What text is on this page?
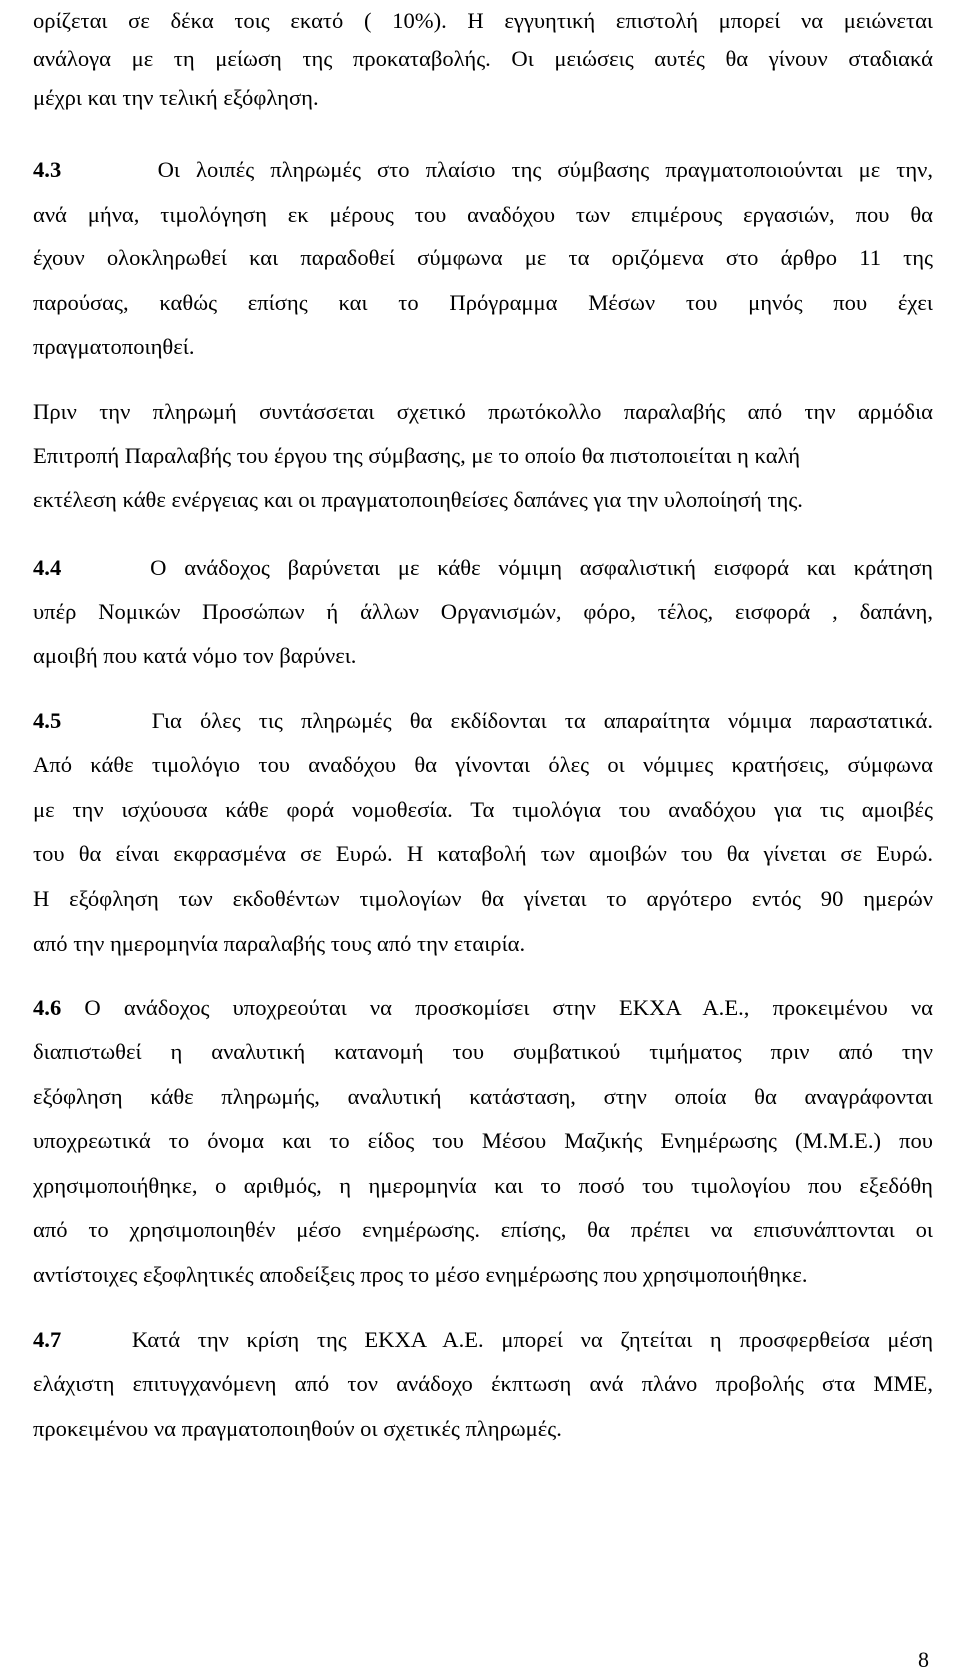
ορίζεται σε δέκα τοις εκατό ( 10%). Η εγγυητική επιστολή μπορεί να μειώνεται
ανάλογα με τη μείωση της προκαταβολής. Οι μειώσεις αυτές θα γίνουν σταδιακά
μέχρι και την τελική εξόφληση.
4.3	Οι λοιπές πληρωμές στο πλαίσιο της σύμβασης πραγματοποιούνται με την,
ανά μήνα, τιμολόγηση εκ μέρους του αναδόχου των επιμέρους εργασιών, που θα
έχουν ολοκληρωθεί και παραδοθεί σύμφωνα με τα οριζόμενα στο άρθρο 11 της
παρούσας, καθώς επίσης και το Πρόγραμμα Μέσων του μηνός που έχει
πραγματοποιηθεί.
Πριν την πληρωμή συντάσσεται σχετικό πρωτόκολλο παραλαβής από την αρμόδια
Επιτροπή Παραλαβής του έργου της σύμβασης, με το οποίο θα πιστοποιείται η καλή
εκτέλεση κάθε ενέργειας και οι πραγματοποιηθείσες δαπάνες για την υλοποίησή της.
4.4	Ο ανάδοχος βαρύνεται με κάθε νόμιμη ασφαλιστική εισφορά και κράτηση
υπέρ Νομικών Προσώπων ή άλλων Οργανισμών, φόρο, τέλος, εισφορά , δαπάνη,
αμοιβή που κατά νόμο τον βαρύνει.
4.5	Για όλες τις πληρωμές θα εκδίδονται τα απαραίτητα νόμιμα παραστατικά.
Από κάθε τιμολόγιο του αναδόχου θα γίνονται όλες οι νόμιμες κρατήσεις, σύμφωνα
με την ισχύουσα κάθε φορά νομοθεσία. Τα τιμολόγια του αναδόχου για τις αμοιβές
του θα είναι εκφρασμένα σε Ευρώ. Η καταβολή των αμοιβών του θα γίνεται σε Ευρώ.
Η εξόφληση των εκδοθέντων τιμολογίων θα γίνεται το αργότερο εντός 90 ημερών
από την ημερομηνία παραλαβής τους από την εταιρία.
4.6 Ο ανάδοχος υποχρεούται να προσκομίσει στην ΕΚΧΑ Α.Ε., προκειμένου να
διαπιστωθεί η αναλυτική κατανομή του συμβατικού τιμήματος πριν από την
εξόφληση κάθε πληρωμής, αναλυτική κατάσταση, στην οποία θα αναγράφονται
υποχρεωτικά το όνομα και το είδος του Μέσου Μαζικής Ενημέρωσης (Μ.Μ.Ε.) που
χρησιμοποιήθηκε, ο αριθμός, η ημερομηνία και το ποσό του τιμολογίου που εξεδόθη
από το χρησιμοποιηθέν μέσο ενημέρωσης. επίσης, θα πρέπει να επισυνάπτονται οι
αντίστοιχες εξοφλητικές αποδείξεις προς το μέσο ενημέρωσης που χρησιμοποιήθηκε.
4.7	Κατά την κρίση της ΕΚΧΑ Α.Ε. μπορεί να ζητείται η προσφερθείσα μέση
ελάχιστη επιτυγχανόμενη από τον ανάδοχο έκπτωση ανά πλάνο προβολής στα ΜΜΕ,
προκειμένου να πραγματοποιηθούν οι σχετικές πληρωμές.
8
